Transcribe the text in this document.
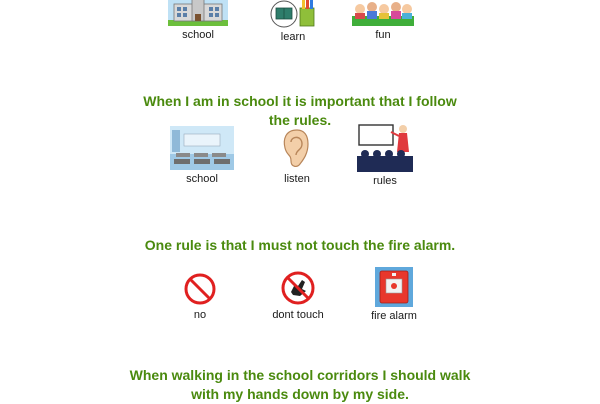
school	learn	fun

When I am in school it is important that I follow
the rules.

school	listen	rules

One rule is that I must not touch the fire alarm.

no	dont touch	fire alarm

When walking in the school corridors I should walk
with my hands down by my side.
